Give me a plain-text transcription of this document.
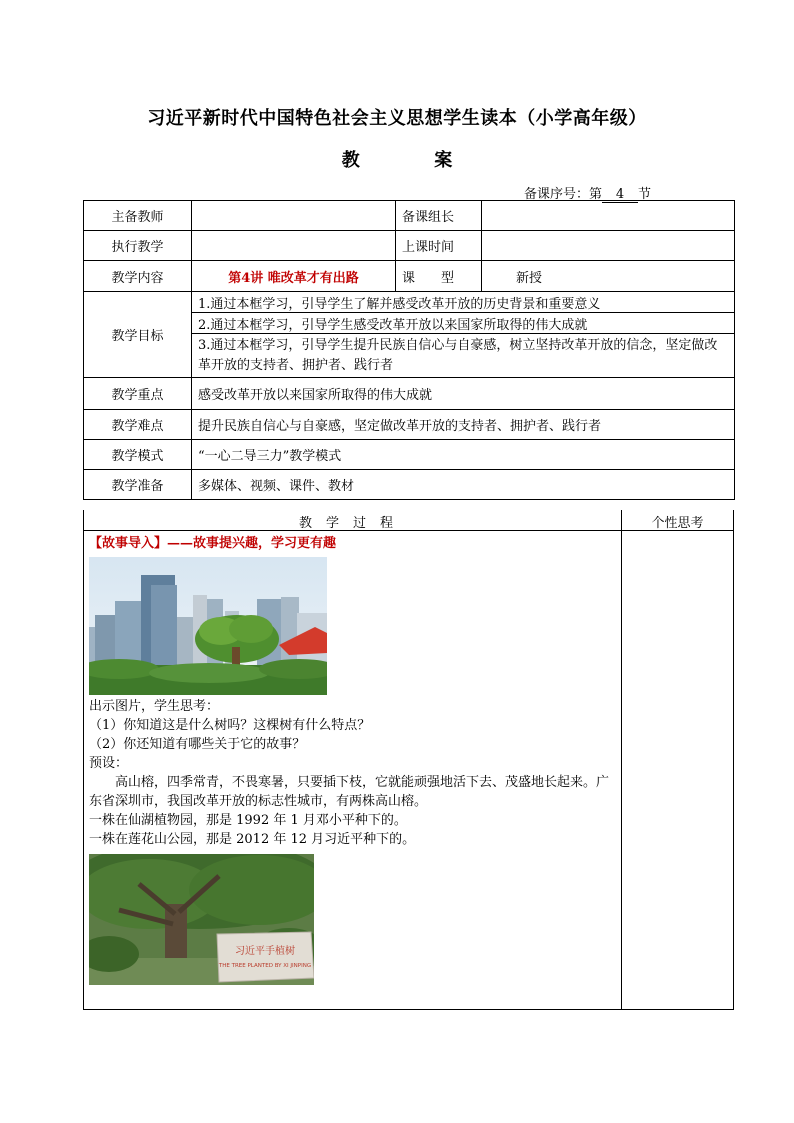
习近平新时代中国特色社会主义思想学生读本（小学高年级）
教	案
备课序号：第 4 节
主备教师		备课组长	
执行教学		上课时间	
教学内容	第4讲 唯改革才有出路	课　　型	新授
教学目标	1.通过本框学习，引导学生了解并感受改革开放的历史背景和重要意义		
	2.通过本框学习，引导学生感受改革开放以来国家所取得的伟大成就		
	3.通过本框学习，引导学生提升民族自信心与自豪感，树立坚持改革开放的信念，坚定做改革开放的支持者、拥护者、践行者		
教学重点	感受改革开放以来国家所取得的伟大成就		
教学难点	提升民族自信心与自豪感，坚定做改革开放的支持者、拥护者、践行者		
教学模式	“一心二导三力”教学模式		
教学准备	多媒体、视频、课件、教材		
教学过程	个性思考

【故事导入】——故事提兴趣，学习更有趣

出示图片，学生思考：

（1）你知道这是什么树吗？这棵树有什么特点？

（2）你还知道有哪些关于它的故事？

预设：

高山榕，四季常青，不畏寒暑，只要插下枝，它就能顽强地活下去、茂盛地长起来。广东省深圳市，我国改革开放的标志性城市，有两株高山榕。

一株在仙湖植物园，那是 1992 年 1 月邓小平种下的。

一株在莲花山公园，那是 2012 年 12 月习近平种下的。

习近平手植树
THE TREE PLANTED BY XI JINPING
